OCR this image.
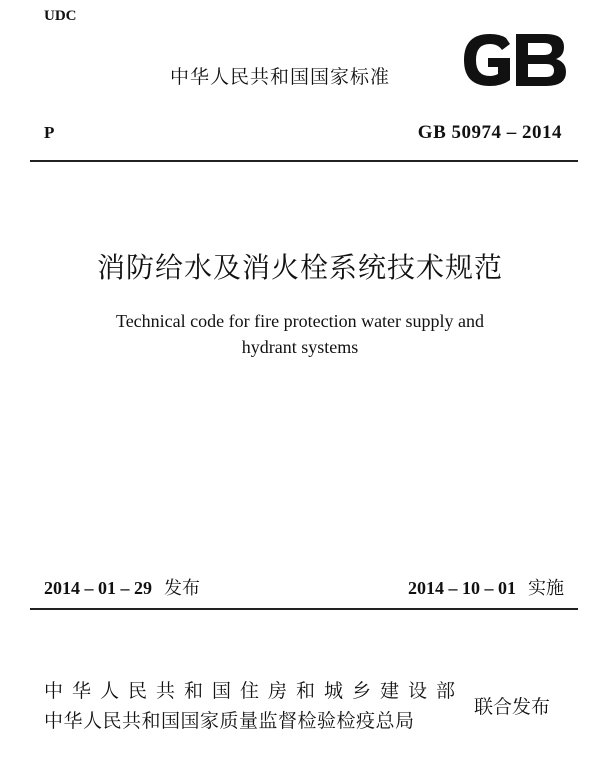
UDC
中华人民共和国国家标准
P	GB 50974 – 2014
消防给水及消火栓系统技术规范
Technical code for fire protection water supply and
hydrant systems
2014 – 01 – 29 发布	2014 – 10 – 01 实施
中华人民共和国住房和城乡建设部
中华人民共和国国家质量监督检验检疫总局
联合发布
